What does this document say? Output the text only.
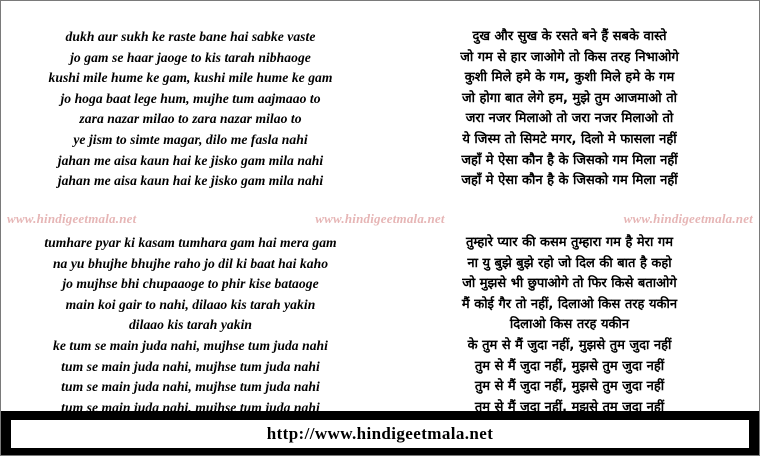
dukh aur sukh ke raste bane hai sabke vaste
jo gam se haar jaoge to kis tarah nibhaoge
kushi mile hume ke gam, kushi mile hume ke gam
jo hoga baat lege hum, mujhe tum aajmaao to
zara nazar milao to zara nazar milao to
ye jism to simte magar, dilo me fasla nahi
jahan me aisa kaun hai ke jisko gam mila nahi
jahan me aisa kaun hai ke jisko gam mila nahi
tumhare pyar ki kasam tumhara gam hai mera gam
na yu bhujhe bhujhe raho jo dil ki baat hai kaho
jo mujhse bhi chupaaoge to phir kise bataoge
main koi gair to nahi, dilaao kis tarah yakin
dilaao kis tarah yakin
ke tum se main juda nahi, mujhse tum juda nahi
tum se main juda nahi, mujhse tum juda nahi
tum se main juda nahi, mujhse tum juda nahi
tum se main juda nahi, mujhse tum juda nahi
दुख और सुख के रसते बने हैं सबके वास्ते
जो गम से हार जाओगे तो किस तरह निभाओगे
कुशी मिले हमे के गम, कुशी मिले हमे के गम
जो होगा बात लेगे हम, मुझे तुम आजमाओ तो
जरा नजर मिलाओ तो जरा नजर मिलाओ तो
ये जिस्म तो सिमटे मगर, दिलो मे फासला नहीं
जहाँ मे ऐसा कौन है के जिसको गम मिला नहीं
जहाँ मे ऐसा कौन है के जिसको गम मिला नहीं
तुम्हारे प्यार की कसम तुम्हारा गम है मेरा गम
ना यु बुझे बुझे रहो जो दिल की बात है कहो
जो मुझसे भी छुपाओगे तो फिर किसे बताओगे
मैं कोई गैर तो नहीं, दिलाओ किस तरह यकीन
दिलाओ किस तरह यकीन
के तुम से मैं जुदा नहीं, मुझसे तुम जुदा नहीं
तुम से मैं जुदा नहीं, मुझसे तुम जुदा नहीं
तुम से मैं जुदा नहीं, मुझसे तुम जुदा नहीं
तुम से मैं जुदा नहीं, मुझसे तुम जुदा नहीं
www.hindigeetmala.net	www.hindigeetmala.net	www.hindigeetmala.net
http://www.hindigeetmala.net
